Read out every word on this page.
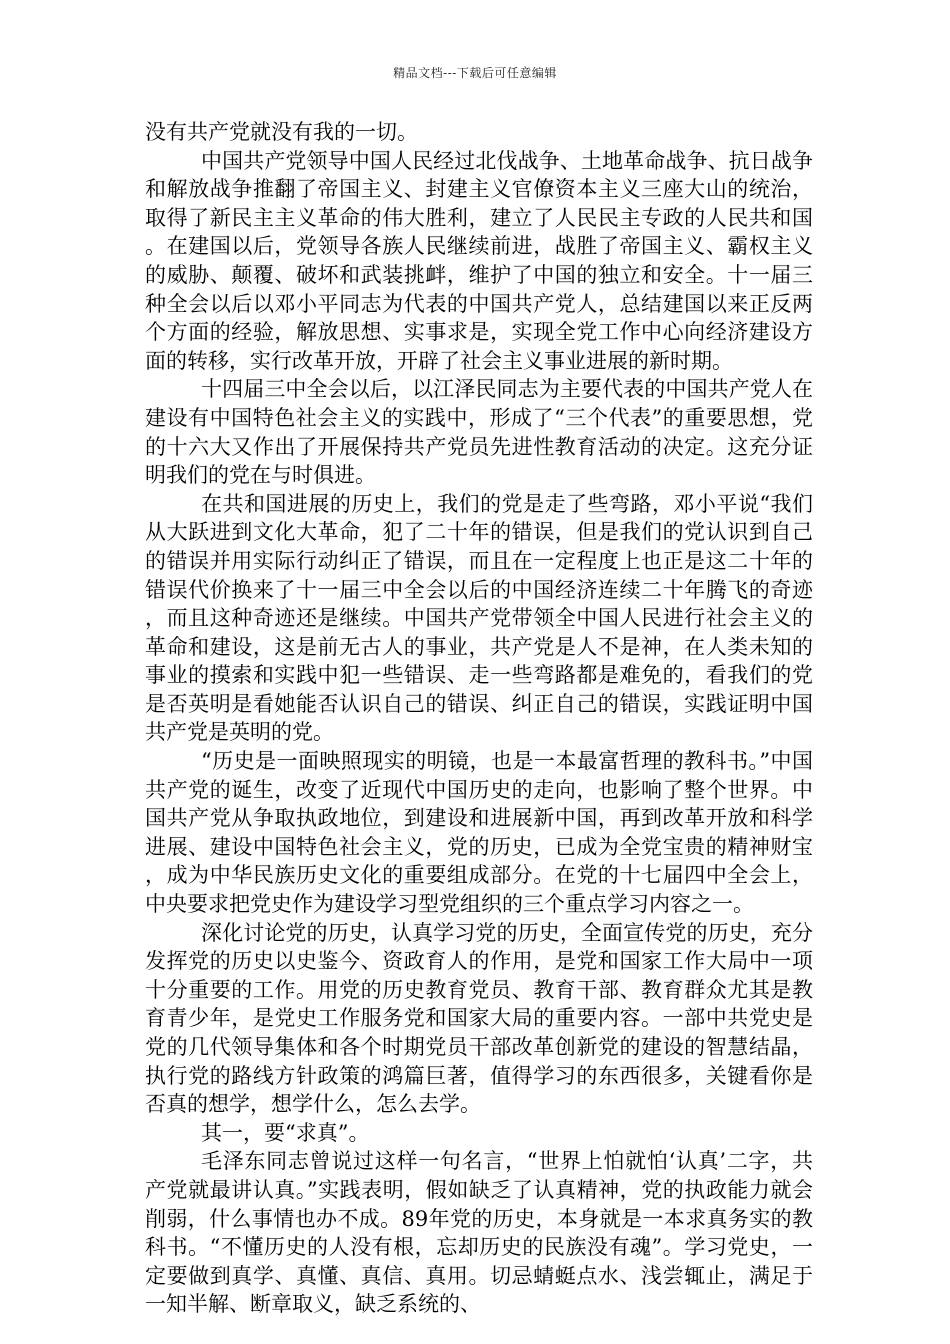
精品文档---下载后可任意编辑

没有共产党就没有我的一切。

中国共产党领导中国人民经过北伐战争、土地革命战争、抗日战争和解放战争推翻了帝国主义、封建主义官僚资本主义三座大山的统治，取得了新民主主义革命的伟大胜利，建立了人民民主专政的人民共和国。在建国以后，党领导各族人民继续前进，战胜了帝国主义、霸权主义的威胁、颠覆、破坏和武装挑衅，维护了中国的独立和安全。十一届三种全会以后以邓小平同志为代表的中国共产党人，总结建国以来正反两个方面的经验，解放思想、实事求是，实现全党工作中心向经济建设方面的转移，实行改革开放，开辟了社会主义事业进展的新时期。

十四届三中全会以后，以江泽民同志为主要代表的中国共产党人在建设有中国特色社会主义的实践中，形成了“三个代表”的重要思想，党的十六大又作出了开展保持共产党员先进性教育活动的决定。这充分证明我们的党在与时俱进。

在共和国进展的历史上，我们的党是走了些弯路，邓小平说“我们从大跃进到文化大革命，犯了二十年的错误，但是我们的党认识到自己的错误并用实际行动纠正了错误，而且在一定程度上也正是这二十年的错误代价换来了十一届三中全会以后的中国经济连续二十年腾飞的奇迹，而且这种奇迹还是继续。中国共产党带领全中国人民进行社会主义的革命和建设，这是前无古人的事业，共产党是人不是神，在人类未知的事业的摸索和实践中犯一些错误、走一些弯路都是难免的，看我们的党是否英明是看她能否认识自己的错误、纠正自己的错误，实践证明中国共产党是英明的党。

“历史是一面映照现实的明镜，也是一本最富哲理的教科书。”中国共产党的诞生，改变了近现代中国历史的走向，也影响了整个世界。中国共产党从争取执政地位，到建设和进展新中国，再到改革开放和科学进展、建设中国特色社会主义，党的历史，已成为全党宝贵的精神财宝，成为中华民族历史文化的重要组成部分。在党的十七届四中全会上，中央要求把党史作为建设学习型党组织的三个重点学习内容之一。

深化讨论党的历史，认真学习党的历史，全面宣传党的历史，充分发挥党的历史以史鉴今、资政育人的作用，是党和国家工作大局中一项十分重要的工作。用党的历史教育党员、教育干部、教育群众尤其是教育青少年，是党史工作服务党和国家大局的重要内容。一部中共党史是党的几代领导集体和各个时期党员干部改革创新党的建设的智慧结晶，执行党的路线方针政策的鸿篇巨著，值得学习的东西很多，关键看你是否真的想学，想学什么，怎么去学。

其一，要“求真”。

毛泽东同志曾说过这样一句名言，“世界上怕就怕‘认真’二字，共产党就最讲认真。”实践表明，假如缺乏了认真精神，党的执政能力就会削弱，什么事情也办不成。89年党的历史，本身就是一本求真务实的教科书。“不懂历史的人没有根，忘却历史的民族没有魂”。学习党史，一定要做到真学、真懂、真信、真用。切忌蜻蜓点水、浅尝辄止，满足于一知半解、断章取义，缺乏系统的、
